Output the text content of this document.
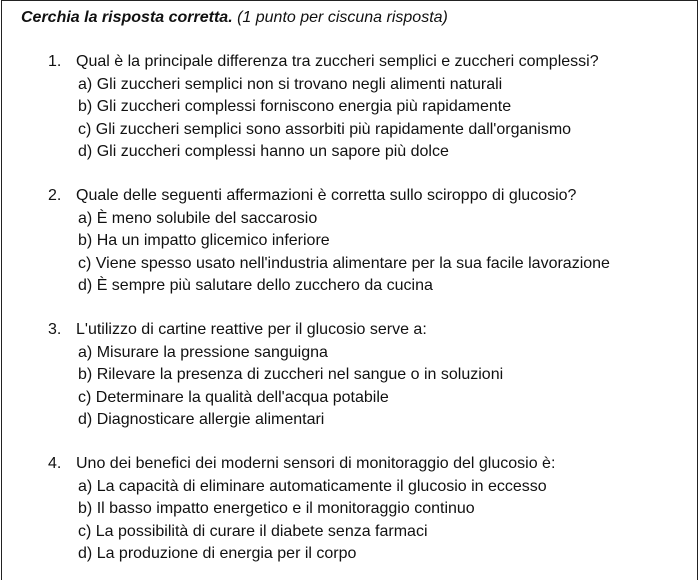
Cerchia la risposta corretta. (1 punto per ciscuna risposta)
1. Qual è la principale differenza tra zuccheri semplici e zuccheri complessi?
a) Gli zuccheri semplici non si trovano negli alimenti naturali
b) Gli zuccheri complessi forniscono energia più rapidamente
c) Gli zuccheri semplici sono assorbiti più rapidamente dall'organismo
d) Gli zuccheri complessi hanno un sapore più dolce
2. Quale delle seguenti affermazioni è corretta sullo sciroppo di glucosio?
a) È meno solubile del saccarosio
b) Ha un impatto glicemico inferiore
c) Viene spesso usato nell'industria alimentare per la sua facile lavorazione
d) È sempre più salutare dello zucchero da cucina
3. L'utilizzo di cartine reattive per il glucosio serve a:
a) Misurare la pressione sanguigna
b) Rilevare la presenza di zuccheri nel sangue o in soluzioni
c) Determinare la qualità dell'acqua potabile
d) Diagnosticare allergie alimentari
4. Uno dei benefici dei moderni sensori di monitoraggio del glucosio è:
a) La capacità di eliminare automaticamente il glucosio in eccesso
b) Il basso impatto energetico e il monitoraggio continuo
c) La possibilità di curare il diabete senza farmaci
d) La produzione di energia per il corpo
